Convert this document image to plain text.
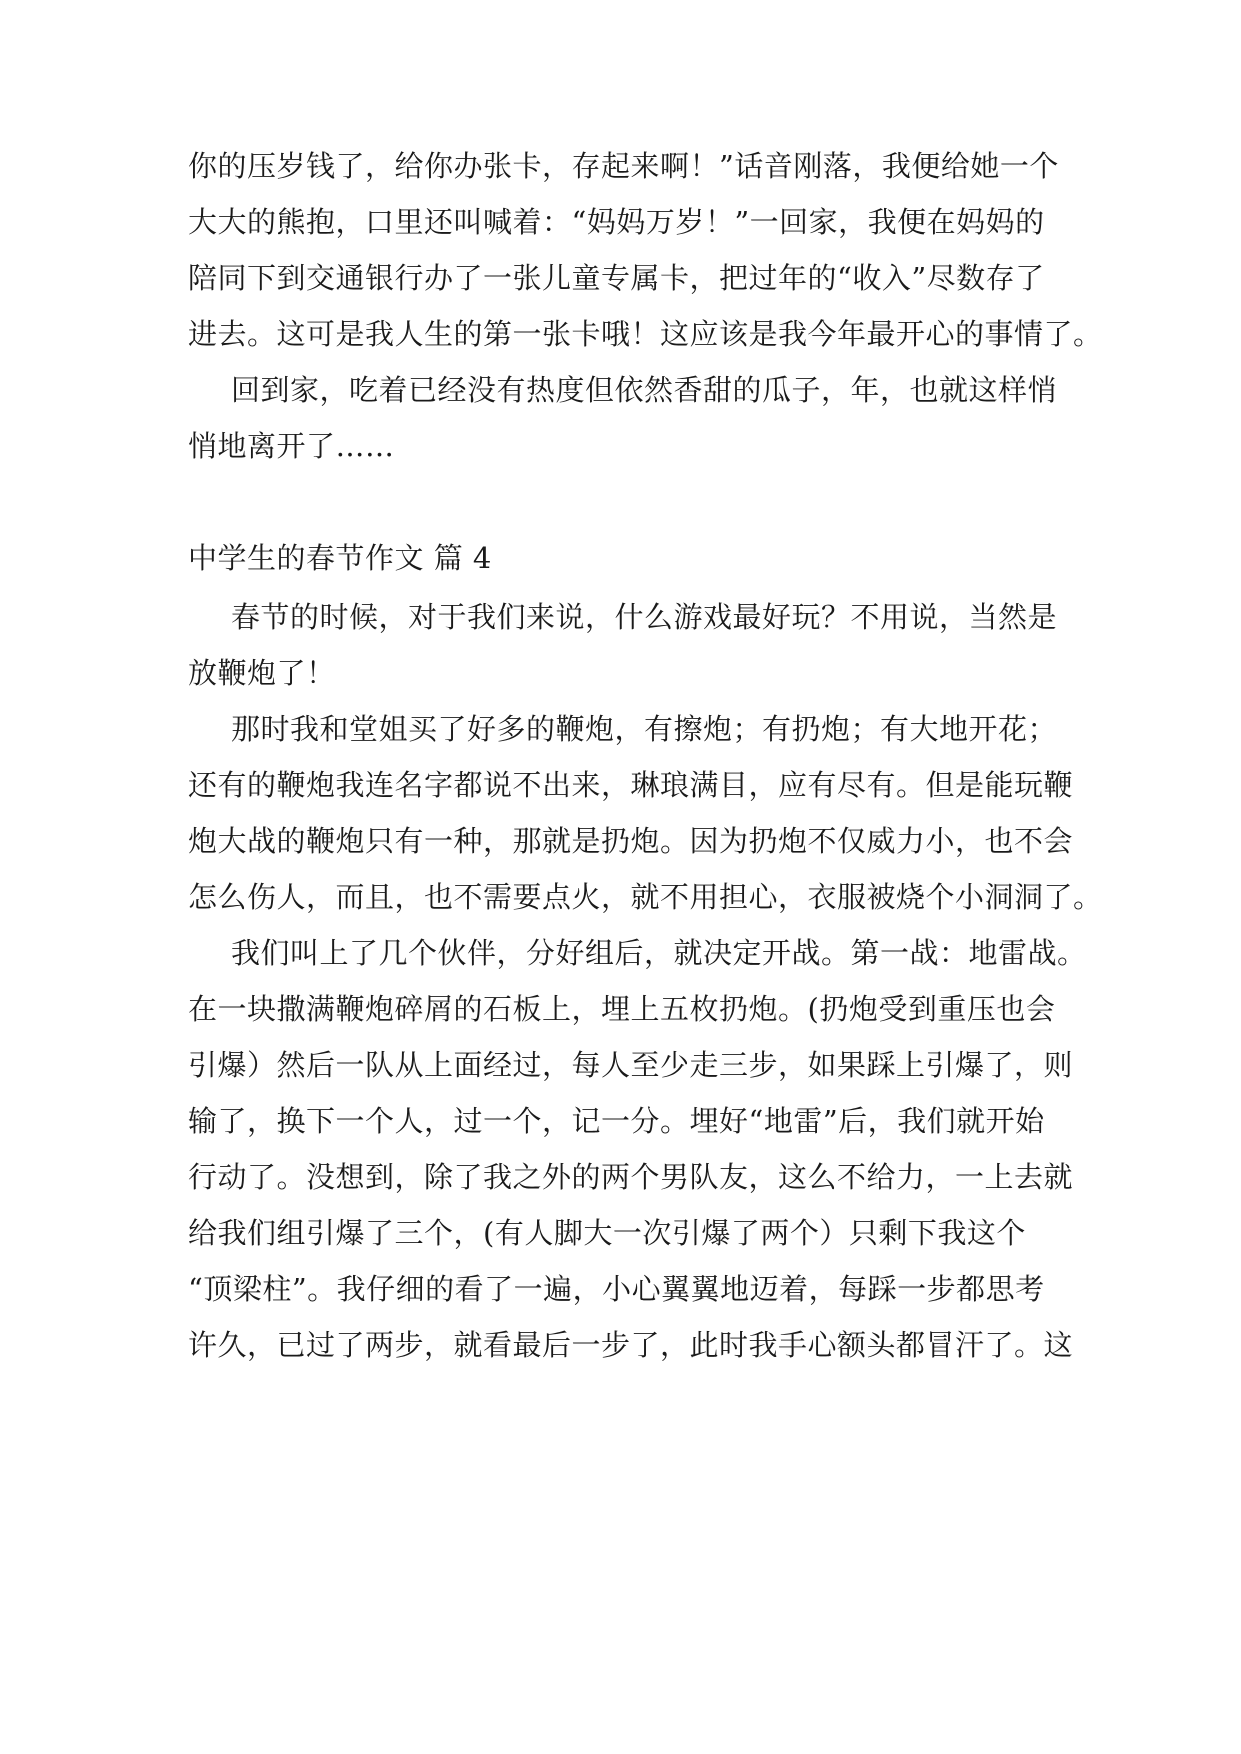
你的压岁钱了，给你办张卡，存起来啊！”话音刚落，我便给她一个
大大的熊抱，口里还叫喊着：“妈妈万岁！”一回家，我便在妈妈的
陪同下到交通银行办了一张儿童专属卡，把过年的“收入”尽数存了
进去。这可是我人生的第一张卡哦！这应该是我今年最开心的事情了。
回到家，吃着已经没有热度但依然香甜的瓜子，年，也就这样悄
悄地离开了……
中学生的春节作文 篇 4
春节的时候，对于我们来说，什么游戏最好玩？不用说，当然是
放鞭炮了！
那时我和堂姐买了好多的鞭炮，有擦炮；有扔炮；有大地开花；
还有的鞭炮我连名字都说不出来，琳琅满目，应有尽有。但是能玩鞭
炮大战的鞭炮只有一种，那就是扔炮。因为扔炮不仅威力小，也不会
怎么伤人，而且，也不需要点火，就不用担心，衣服被烧个小洞洞了。
我们叫上了几个伙伴，分好组后，就决定开战。第一战：地雷战。
在一块撒满鞭炮碎屑的石板上，埋上五枚扔炮。(扔炮受到重压也会
引爆）然后一队从上面经过，每人至少走三步，如果踩上引爆了，则
输了，换下一个人，过一个，记一分。埋好“地雷”后，我们就开始
行动了。没想到，除了我之外的两个男队友，这么不给力，一上去就
给我们组引爆了三个，(有人脚大一次引爆了两个）只剩下我这个
“顶梁柱”。我仔细的看了一遍，小心翼翼地迈着，每踩一步都思考
许久，已过了两步，就看最后一步了，此时我手心额头都冒汗了。这
